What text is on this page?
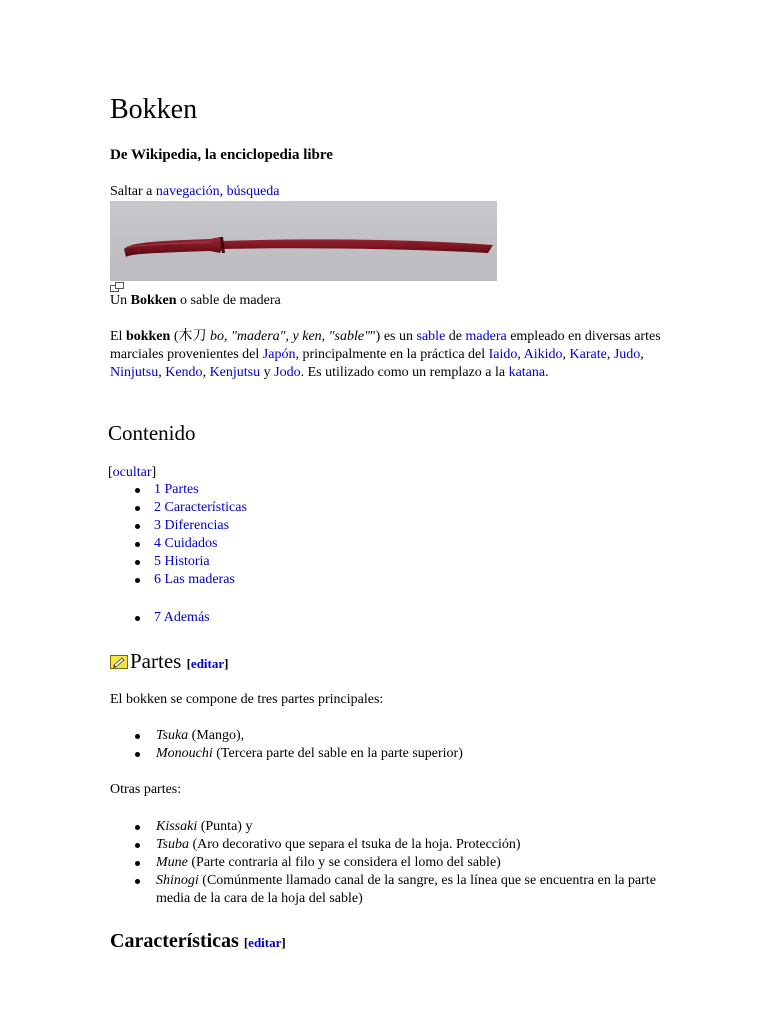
Bokken
De Wikipedia, la enciclopedia libre
Saltar a navegación, búsqueda
Un Bokken o sable de madera
El bokken (木刀 bo, "madera", y ken, "sable"") es un sable de madera empleado en diversas artes marciales provenientes del Japón, principalmente en la práctica del Iaido, Aikido, Karate, Judo, Ninjutsu, Kendo, Kenjutsu y Jodo. Es utilizado como un remplazo a la katana.
Contenido
[ocultar]
1 Partes
2 Características
3 Diferencias
4 Cuidados
5 Historia
6 Las maderas
7 Además
Partes [editar]
El bokken se compone de tres partes principales:
Tsuka (Mango),
Monouchi (Tercera parte del sable en la parte superior)
Otras partes:
Kissaki (Punta) y
Tsuba (Aro decorativo que separa el tsuka de la hoja. Protección)
Mune (Parte contraria al filo y se considera el lomo del sable)
Shinogi (Comúnmente llamado canal de la sangre, es la línea que se encuentra en la parte media de la cara de la hoja del sable)
Características [editar]
